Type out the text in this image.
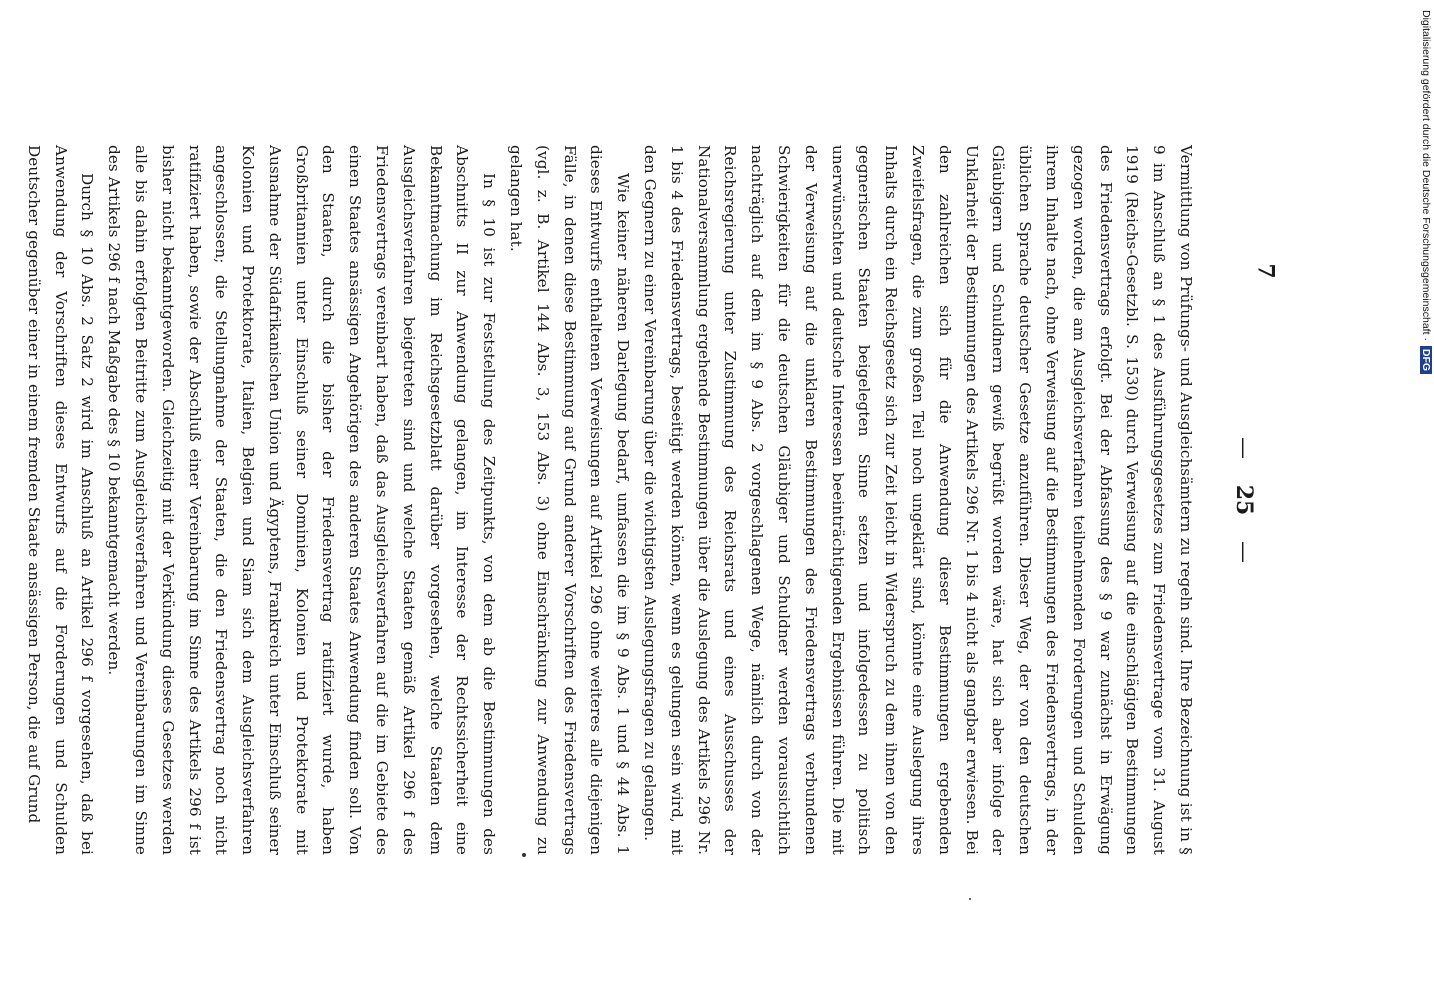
— 25 —

Vermittlung von Prüfungs- und Ausgleichsämtern zu regeln sind. Ihre Bezeichnung ist in § 9 im Anschluß an § 1 des Ausführungsgesetzes zum Friedensvertrage vom 31. August 1919 (Reichs-Gesetzbl. S. 1530) durch Verweisung auf die einschlägigen Bestimmungen des Friedensvertrags erfolgt. Bei der Abfassung des § 9 war zunächst in Erwägung gezogen worden, die am Ausgleichsverfahren teilnehmenden Forderungen und Schulden ihrem Inhalte nach, ohne Verweisung auf die Bestimmungen des Friedensvertrags, in der üblichen Sprache deutscher Gesetze anzuführen. Dieser Weg, der von den deutschen Gläubigern und Schuldnern gewiß begrüßt worden wäre, hat sich aber infolge der Unklarheit der Bestimmungen des Artikels 296 Nr. 1 bis 4 nicht als gangbar erwiesen. Bei den zahlreichen sich für die Anwendung dieser Bestimmungen ergebenden Zweifelsfragen, die zum großen Teil noch ungeklärt sind, könnte eine Auslegung ihres Inhalts durch ein Reichsgesetz sich zur Zeit leicht in Widerspruch zu dem ihnen von den gegnerischen Staaten beigelegten Sinne setzen und infolgedessen zu politisch unerwünschten und deutsche Interessen beeinträchtigenden Ergebnissen führen. Die mit der Verweisung auf die unklaren Bestimmungen des Friedensvertrags verbundenen Schwierigkeiten für die deutschen Gläubiger und Schuldner werden voraussichtlich nachträglich auf dem im § 9 Abs. 2 vorgeschlagenen Wege, nämlich durch von der Reichsregierung unter Zustimmung des Reichsrats und eines Ausschusses der Nationalversammlung ergehende Bestimmungen über die Auslegung des Artikels 296 Nr. 1 bis 4 des Friedensvertrags, beseitigt werden können, wenn es gelungen sein wird, mit den Gegnern zu einer Vereinbarung über die wichtigsten Auslegungsfragen zu gelangen.

Wie keiner näheren Darlegung bedarf, umfassen die im § 9 Abs. 1 und § 44 Abs. 1 dieses Entwurfs enthaltenen Verweisungen auf Artikel 296 ohne weiteres alle diejenigen Fälle, in denen diese Bestimmung auf Grund anderer Vorschriften des Friedensvertrags (vgl. z. B. Artikel 144 Abs. 3, 153 Abs. 3) ohne Einschränkung zur Anwendung zu gelangen hat.

In § 10 ist zur Feststellung des Zeitpunkts, von dem ab die Bestimmungen des Abschnitts II zur Anwendung gelangen, im Interesse der Rechtssicherheit eine Bekanntmachung im Reichsgesetzblatt darüber vorgesehen, welche Staaten dem Ausgleichsverfahren beigetreten sind und welche Staaten gemäß Artikel 296 f des Friedensvertrags vereinbart haben, daß das Ausgleichsverfahren auf die im Gebiete des einen Staates ansässigen Angehörigen des anderen Staates Anwendung finden soll. Von den Staaten, durch die bisher der Friedensvertrag ratifiziert wurde, haben Großbritannien unter Einschluß seiner Dominien, Kolonien und Protektorate mit Ausnahme der Südafrikanischen Union und Ägyptens, Frankreich unter Einschluß seiner Kolonien und Protektorate, Italien, Belgien und Siam sich dem Ausgleichsverfahren angeschlossen; die Stellungnahme der Staaten, die den Friedensvertrag noch nicht ratifiziert haben, sowie der Abschluß einer Vereinbarung im Sinne des Artikels 296 f ist bisher nicht bekanntgeworden. Gleichzeitig mit der Verkündung dieses Gesetzes werden alle bis dahin erfolgten Beitritte zum Ausgleichsverfahren und Vereinbarungen im Sinne des Artikels 296 f nach Maßgabe des § 10 bekanntgemacht werden.

Durch § 10 Abs. 2 Satz 2 wird im Anschluß an Artikel 296 f vorgesehen, daß bei Anwendung der Vorschriften dieses Entwurfs auf die Forderungen und Schulden Deutscher gegenüber einer in einem fremden Staate ansässigen Person, die auf Grund	7	Digitalisierung gefördert durch die Deutsche Forschungsgemeinschaft · DFG
